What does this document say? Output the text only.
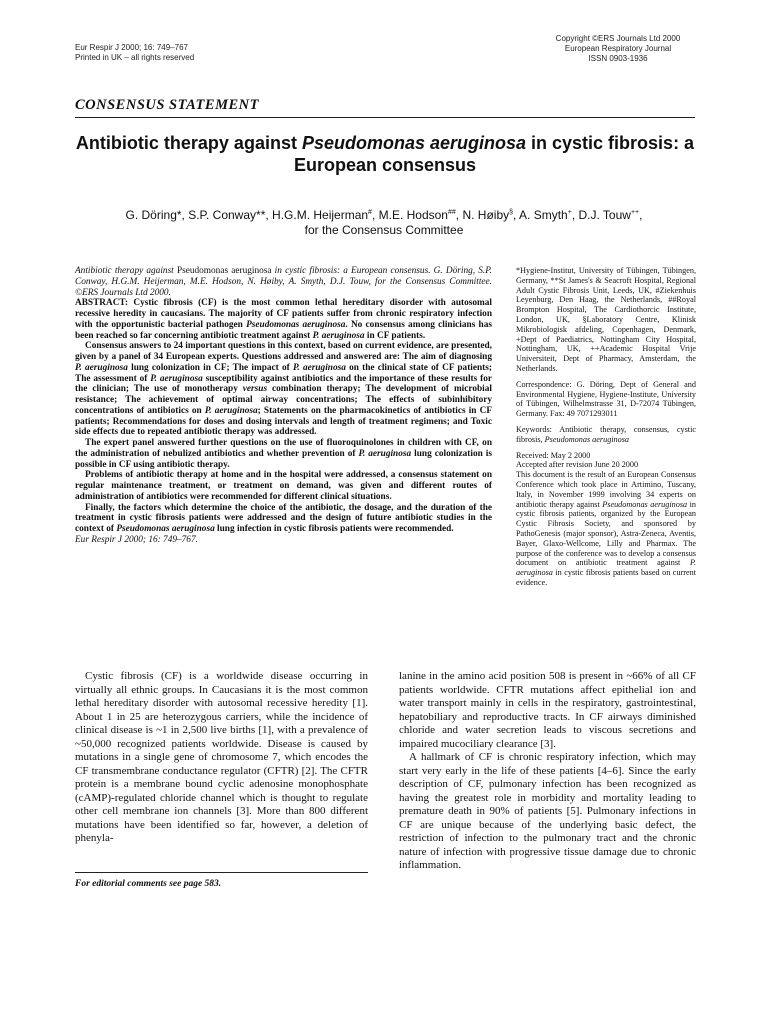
Eur Respir J 2000; 16: 749–767
Printed in UK – all rights reserved
Copyright ©ERS Journals Ltd 2000
European Respiratory Journal
ISSN 0903-1936
CONSENSUS STATEMENT
Antibiotic therapy against Pseudomonas aeruginosa in cystic fibrosis: a European consensus
G. Döring*, S.P. Conway**, H.G.M. Heijerman#, M.E. Hodson##, N. Høiby§, A. Smyth+, D.J. Touw++,
for the Consensus Committee

Antibiotic therapy against Pseudomonas aeruginosa in cystic fibrosis: a European consensus. G. Döring, S.P. Conway, H.G.M. Heijerman, M.E. Hodson, N. Høiby, A. Smyth, D.J. Touw, for the Consensus Committee. ©ERS Journals Ltd 2000.

ABSTRACT: Cystic fibrosis (CF) is the most common lethal hereditary disorder with autosomal recessive heredity in caucasians. The majority of CF patients suffer from chronic respiratory infection with the opportunistic bacterial pathogen Pseudomonas aeruginosa. No consensus among clinicians has been reached so far concerning antibiotic treatment against P. aeruginosa in CF patients.

Consensus answers to 24 important questions in this context, based on current evidence, are presented, given by a panel of 34 European experts. Questions addressed and answered are: The aim of diagnosing P. aeruginosa lung colonization in CF; The impact of P. aeruginosa on the clinical state of CF patients; The assessment of P. aeruginosa susceptibility against antibiotics and the importance of these results for the clinician; The use of monotherapy versus combination therapy; The development of microbial resistance; The achievement of optimal airway concentrations; The effects of subinhibitory concentrations of antibiotics on P. aeruginosa; Statements on the pharmacokinetics of antibiotics in CF patients; Recommendations for doses and dosing intervals and length of treatment regimens; and Toxic side effects due to repeated antibiotic therapy was addressed.

The expert panel answered further questions on the use of fluoroquinolones in children with CF, on the administration of nebulized antibiotics and whether prevention of P. aeruginosa lung colonization is possible in CF using antibiotic therapy.

Problems of antibiotic therapy at home and in the hospital were addressed, a consensus statement on regular maintenance treatment, or treatment on demand, was given and different routes of administration of antibiotics were recommended for different clinical situations.

Finally, the factors which determine the choice of the antibiotic, the dosage, and the duration of the treatment in cystic fibrosis patients were addressed and the design of future antibiotic studies in the context of Pseudomonas aeruginosa lung infection in cystic fibrosis patients were recommended.

Eur Respir J 2000; 16: 749–767.

*Hygiene-Institut, University of Tübingen, Tübingen, Germany, **St James's & Seacroft Hospital, Regional Adult Cystic Fibrosis Unit, Leeds, UK, #Ziekenhuis Leyenburg, Den Haag, the Netherlands, ##Royal Brompton Hospital, The Cardiothorcic Institute, London, UK, §Laboratory Centre, Klinisk Mikrobiologisk afdeling, Copenhagen, Denmark, +Dept of Paediatrics, Nottingham City Hospital, Nottingham, UK, ++Academic Hospital Vrije Universiteit, Dept of Pharmacy, Amsterdam, the Netherlands.

Correspondence: G. Döring, Dept of General and Environmental Hygiene, Hygiene-Institute, University of Tübingen, Wilhelmstrasse 31, D-72074 Tübingen, Germany. Fax: 49 7071293011

Keywords: Antibiotic therapy, consensus, cystic fibrosis, Pseudomonas aeruginosa

Received: May 2 2000
Accepted after revision June 20 2000

This document is the result of an European Consensus Conference which took place in Artimino, Tuscany, Italy, in November 1999 involving 34 experts on antibiotic therapy against Pseudomonas aeruginosa in cystic fibrosis patients, organized by the European Cystic Fibrosis Society, and sponsored by PathoGenesis (major sponsor), Astra-Zeneca, Aventis, Bayer, Glaxo-Wellcome, Lilly and Pharmax. The purpose of the conference was to develop a consensus document on antibiotic treatment against P. aeruginosa in cystic fibrosis patients based on current evidence.

Cystic fibrosis (CF) is a worldwide disease occurring in virtually all ethnic groups. In Caucasians it is the most common lethal hereditary disorder with autosomal recessive heredity [1]. About 1 in 25 are heterozygous carriers, while the incidence of clinical disease is ~1 in 2,500 live births [1], with a prevalence of ~50,000 recognized patients worldwide. Disease is caused by mutations in a single gene of chromosome 7, which encodes the CF transmembrane conductance regulator (CFTR) [2]. The CFTR protein is a membrane bound cyclic adenosine monophosphate (cAMP)-regulated chloride channel which is thought to regulate other cell membrane ion channels [3]. More than 800 different mutations have been identified so far, however, a deletion of phenyla-

lanine in the amino acid position 508 is present in ~66% of all CF patients worldwide. CFTR mutations affect epithelial ion and water transport mainly in cells in the respiratory, gastrointestinal, hepatobiliary and reproductive tracts. In CF airways diminished chloride and water secretion leads to viscous secretions and impaired mucociliary clearance [3].

A hallmark of CF is chronic respiratory infection, which may start very early in the life of these patients [4–6]. Since the early description of CF, pulmonary infection has been recognized as having the greatest role in morbidity and mortality leading to premature death in 90% of patients [5]. Pulmonary infections in CF are unique because of the underlying basic defect, the restriction of infection to the pulmonary tract and the chronic nature of infection with progressive tissue damage due to chronic inflammation.

For editorial comments see page 583.
